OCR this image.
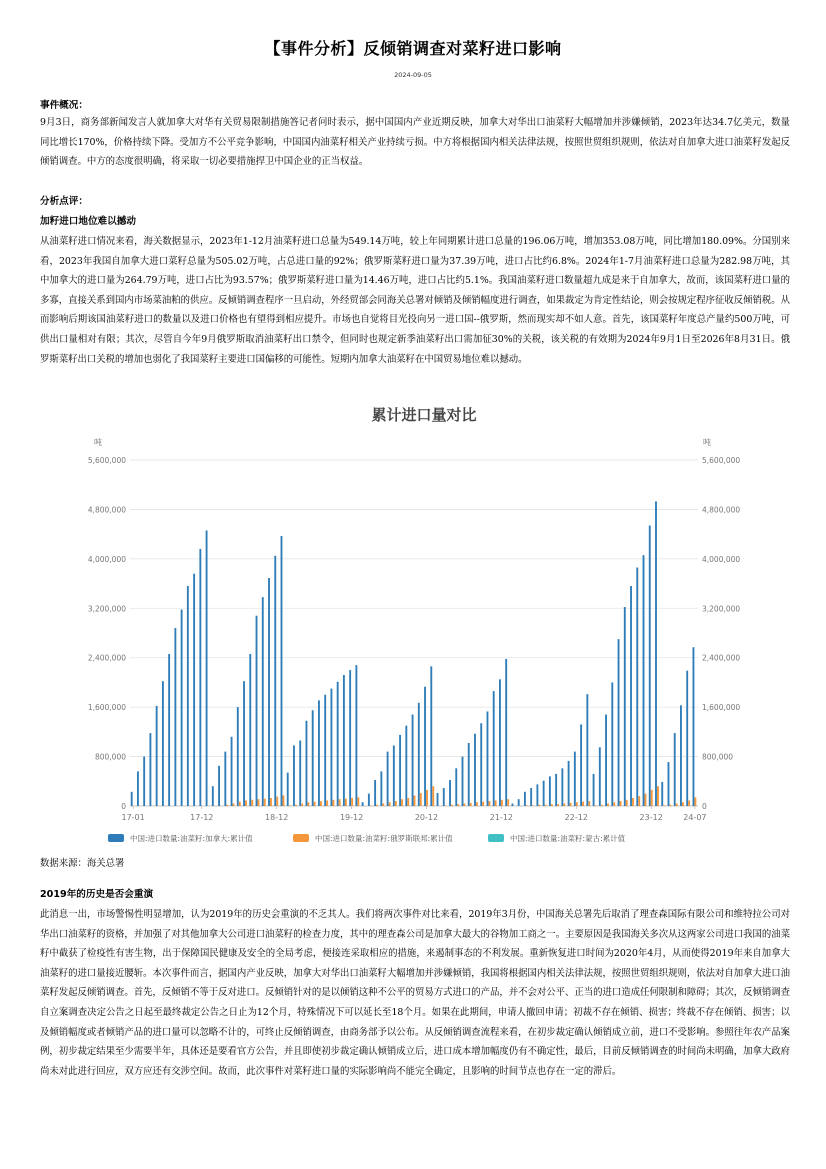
【事件分析】反倾销调查对菜籽进口影响
2024-09-05
事件概况：
9月3日，商务部新闻发言人就加拿大对华有关贸易限制措施答记者问时表示，据中国国内产业近期反映，加拿大对华出口油菜籽大幅增加并涉嫌倾销，2023年达34.7亿美元，数量同比增长170%，价格持续下降。受加方不公平竞争影响，中国国内油菜籽相关产业持续亏损。中方将根据国内相关法律法规，按照世贸组织规则，依法对自加拿大进口油菜籽发起反倾销调查。中方的态度很明确，将采取一切必要措施捍卫中国企业的正当权益。
分析点评：
加籽进口地位难以撼动
从油菜籽进口情况来看，海关数据显示，2023年1-12月油菜籽进口总量为549.14万吨，较上年同期累计进口总量的196.06万吨，增加353.08万吨，同比增加180.09%。分国别来看，2023年我国自加拿大进口菜籽总量为505.02万吨，占总进口量的92%；俄罗斯菜籽进口量为37.39万吨，进口占比约6.8%。2024年1-7月油菜籽进口总量为282.98万吨，其中加拿大的进口量为264.79万吨，进口占比为93.57%；俄罗斯菜籽进口量为14.46万吨，进口占比约5.1%。我国油菜籽进口数量超九成是来于自加拿大，故而，该国菜籽进口量的多寡，直接关系到国内市场菜油粕的供应。反倾销调查程序一旦启动，外经贸部会同海关总署对倾销及倾销幅度进行调查，如果裁定为肯定性结论，则会按规定程序征收反倾销税。从而影响后期该国油菜籽进口的数量以及进口价格也有望得到相应提升。市场也自觉将目光投向另一进口国--俄罗斯，然而现实却不如人意。首先，该国菜籽年度总产量约500万吨，可供出口量相对有限；其次，尽管自今年9月俄罗斯取消油菜籽出口禁令，但同时也规定新季油菜籽出口需加征30%的关税，该关税的有效期为2024年9月1日至2026年8月31日。俄罗斯菜籽出口关税的增加也弱化了我国菜籽主要进口国偏移的可能性。短期内加拿大油菜籽在中国贸易地位难以撼动。
累计进口量对比
吨	吨
0	0
800,000	800,000
1,600,000	1,600,000
2,400,000	2,400,000
3,200,000	3,200,000
4,000,000	4,000,000
4,800,000	4,800,000
5,600,000	5,600,000
17-01	17-12	18-12	19-12	20-12	21-12	22-12	23-12	24-07
中国:进口数量:油菜籽:加拿大:累计值	中国:进口数量:油菜籽:俄罗斯联邦:累计值	中国:进口数量:油菜籽:蒙古:累计值
数据来源：海关总署
2019年的历史是否会重演
此消息一出，市场警惕性明显增加，认为2019年的历史会重演的不乏其人。我们将两次事件对比来看，2019年3月份，中国海关总署先后取消了理查森国际有限公司和维特拉公司对华出口油菜籽的资格，并加强了对其他加拿大公司进口油菜籽的检查力度，其中的理查森公司是加拿大最大的谷物加工商之一。主要原因是我国海关多次从这两家公司进口我国的油菜籽中截获了检疫性有害生物，出于保障国民健康及安全的全局考虑，便接连采取相应的措施，来遏制事态的不利发展。重新恢复进口时间为2020年4月，从而使得2019年来自加拿大油菜籽的进口量接近腰斩。本次事件而言，据国内产业反映，加拿大对华出口油菜籽大幅增加并涉嫌倾销，我国将根据国内相关法律法规，按照世贸组织规则，依法对自加拿大进口油菜籽发起反倾销调查。首先，反倾销不等于反对进口。反倾销针对的是以倾销这种不公平的贸易方式进口的产品，并不会对公平、正当的进口造成任何限制和障碍；其次，反倾销调查自立案调查决定公告之日起至最终裁定公告之日止为12个月，特殊情况下可以延长至18个月。如果在此期间，申请人撤回申请；初裁不存在倾销、损害；终裁不存在倾销、损害；以及倾销幅度或者倾销产品的进口量可以忽略不计的，可终止反倾销调查，由商务部予以公布。从反倾销调查流程来看，在初步裁定确认倾销成立前，进口不受影响。参照往年农产品案例，初步裁定结果至少需要半年，具体还是要看官方公告，并且即使初步裁定确认倾销成立后，进口成本增加幅度仍有不确定性，最后，目前反倾销调查的时间尚未明确，加拿大政府尚未对此进行回应，双方应还有交涉空间。故而，此次事件对菜籽进口量的实际影响尚不能完全确定，且影响的时间节点也存在一定的滞后。
